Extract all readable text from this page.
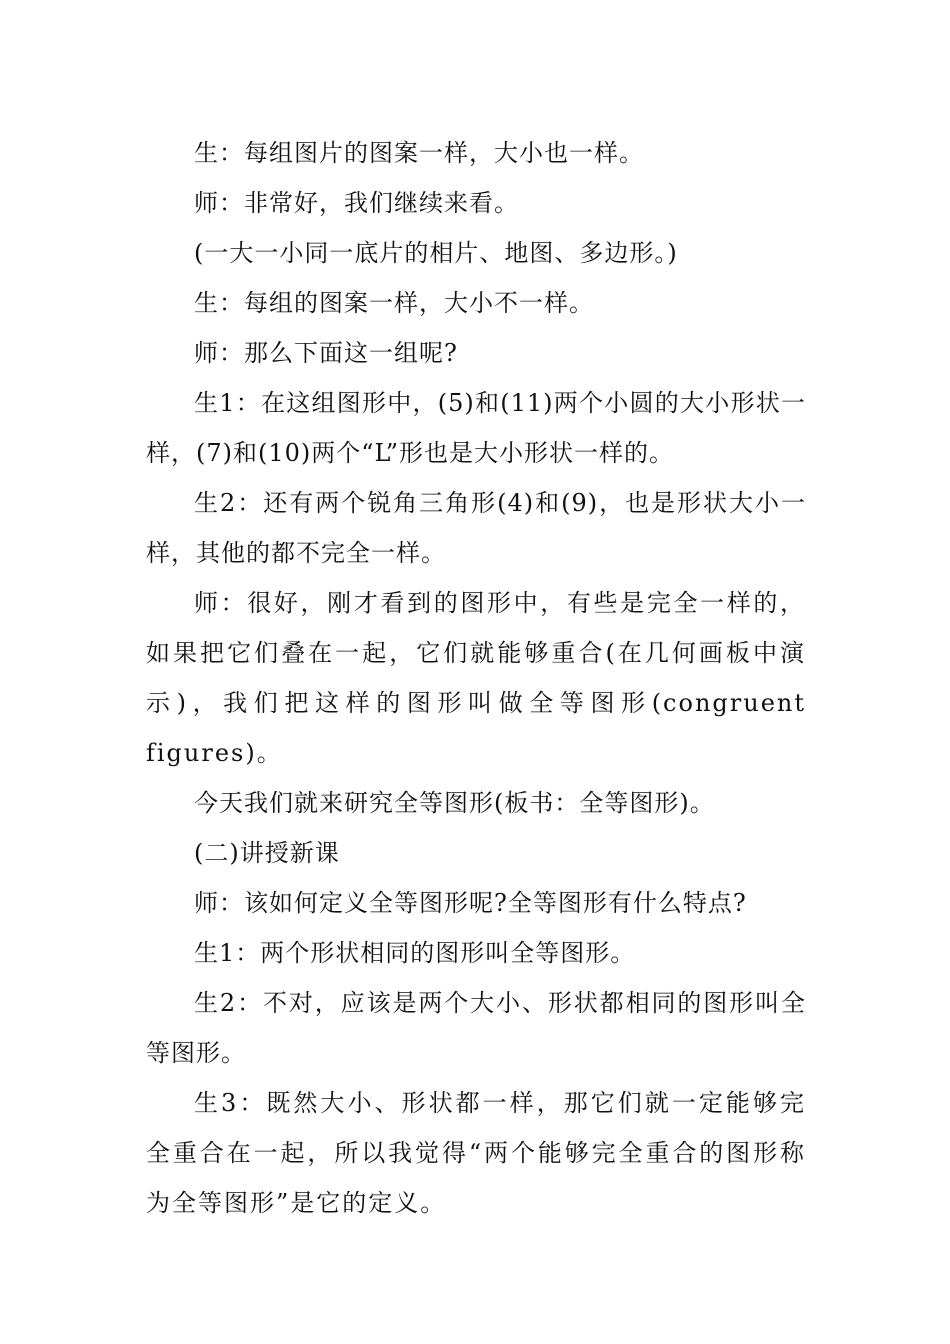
生：每组图片的图案一样，大小也一样。

师：非常好，我们继续来看。

(一大一小同一底片的相片、地图、多边形。)

生：每组的图案一样，大小不一样。

师：那么下面这一组呢?

生1：在这组图形中，(5)和(11)两个小圆的大小形状一样，(7)和(10)两个“L”形也是大小形状一样的。

生2：还有两个锐角三角形(4)和(9)，也是形状大小一样，其他的都不完全一样。

师：很好，刚才看到的图形中，有些是完全一样的，如果把它们叠在一起，它们就能够重合(在几何画板中演示)，我们把这样的图形叫做全等图形(congruent figures)。

今天我们就来研究全等图形(板书：全等图形)。

(二)讲授新课

师：该如何定义全等图形呢?全等图形有什么特点?

生1：两个形状相同的图形叫全等图形。

生2：不对，应该是两个大小、形状都相同的图形叫全等图形。

生3：既然大小、形状都一样，那它们就一定能够完全重合在一起，所以我觉得“两个能够完全重合的图形称为全等图形”是它的定义。
